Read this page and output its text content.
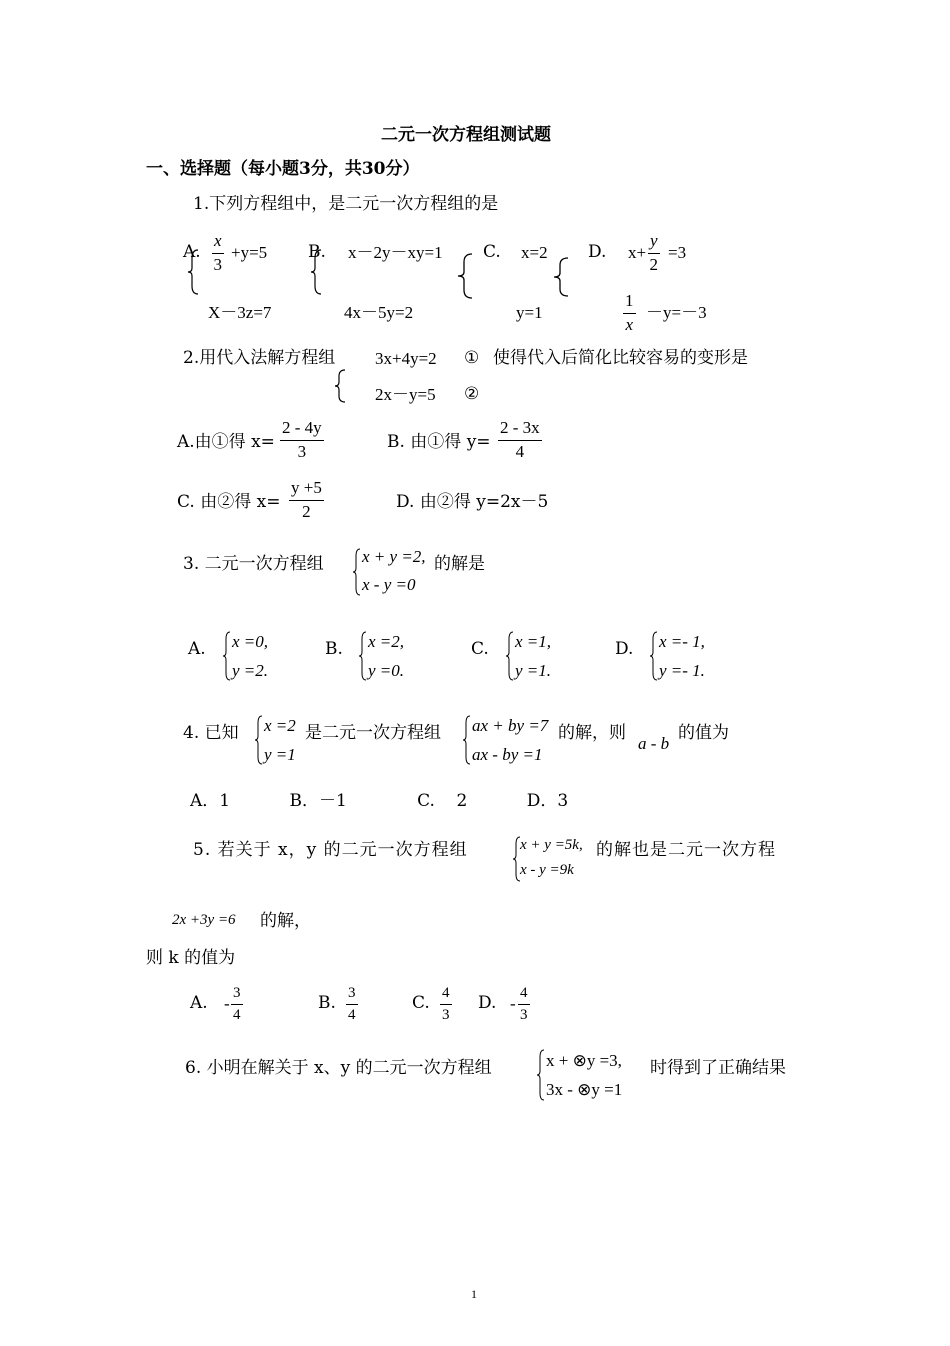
二元一次方程组测试题
一、选择题（每小题3分，共30分）
1.下列方程组中，是二元一次方程组的是
A.
x
3
+y=5
X－3z=7
B. x－2y－xy=1
4x－5y=2
C. x=2
y=1
D. x+
y
2
=3
1
x
－y=－3
2.用代入法解方程组 3x+4y=2 ① 使得代入后简化比较容易的变形是
2x－y=5 ②
A.由①得 x=
2 - 4y
3	B. 由①得 y=
2 - 3x
4
C. 由②得 x=
y +5
2	D. 由②得 y=2x－5
3. 二元一次方程组 x + y =2,
x - y =0
的解是
A. x =0,
y =2.
B. x =2,
y =0.
C. x =1,
y =1.
D. x =- 1,
y =- 1.
4. 已知 x =2
y =1
是二元一次方程组 ax + by =7
ax - by =1
的解，则
a - b
的值为
A．1           B．－1             C.    2           D．3
5. 若关于 x，y 的二元一次方程组	x + y =5k,
x - y =9k
的解也是二元一次方程
2x +3y =6 的解，
则 k 的值为
A. -
3
4
B. 3
4
C. 4
3
D. -
4
3
6. 小明在解关于 x、y 的二元一次方程组	x + ⊗y =3,
3x - ⊗y =1
时得到了正确结果
1
